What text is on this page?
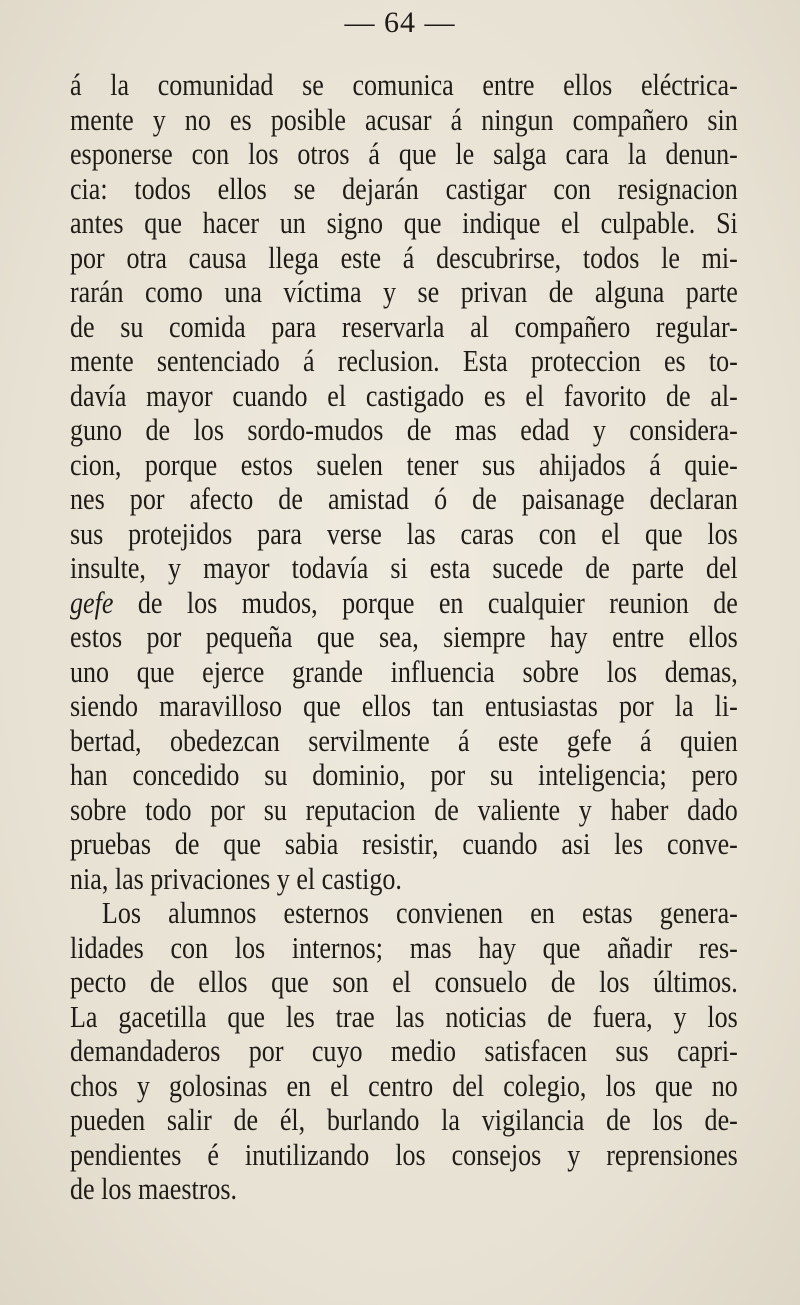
— 64 —
á la comunidad se comunica entre ellos eléctrica-
mente y no es posible acusar á ningun compañero sin
esponerse con los otros á que le salga cara la denun-
cia: todos ellos se dejarán castigar con resignacion
antes que hacer un signo que indique el culpable. Si
por otra causa llega este á descubrirse, todos le mi-
rarán como una víctima y se privan de alguna parte
de su comida para reservarla al compañero regular-
mente sentenciado á reclusion. Esta proteccion es to-
davía mayor cuando el castigado es el favorito de al-
guno de los sordo-mudos de mas edad y considera-
cion, porque estos suelen tener sus ahijados á quie-
nes por afecto de amistad ó de paisanage declaran
sus protejidos para verse las caras con el que los
insulte, y mayor todavía si esta sucede de parte del
gefe de los mudos, porque en cualquier reunion de
estos por pequeña que sea, siempre hay entre ellos
uno que ejerce grande influencia sobre los demas,
siendo maravilloso que ellos tan entusiastas por la li-
bertad, obedezcan servilmente á este gefe á quien
han concedido su dominio, por su inteligencia; pero
sobre todo por su reputacion de valiente y haber dado
pruebas de que sabia resistir, cuando asi les conve-
nia, las privaciones y el castigo.
Los alumnos esternos convienen en estas genera-
lidades con los internos; mas hay que añadir res-
pecto de ellos que son el consuelo de los últimos.
La gacetilla que les trae las noticias de fuera, y los
demandaderos por cuyo medio satisfacen sus capri-
chos y golosinas en el centro del colegio, los que no
pueden salir de él, burlando la vigilancia de los de-
pendientes é inutilizando los consejos y reprensiones
de los maestros.
